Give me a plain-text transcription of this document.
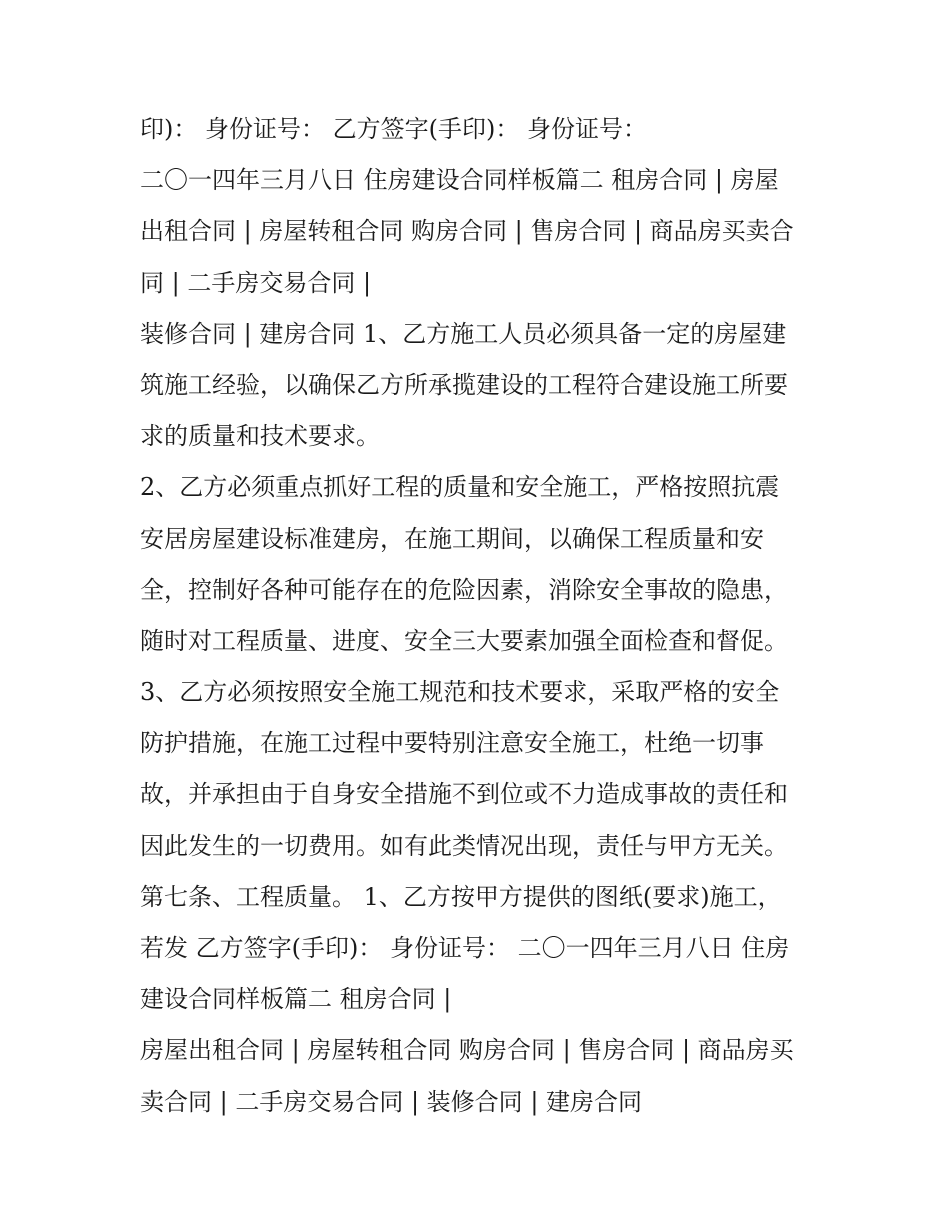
印)： 身份证号： 乙方签字(手印)： 身份证号：
二〇一四年三月八日 住房建设合同样板篇二 租房合同 | 房屋
出租合同 | 房屋转租合同 购房合同 | 售房合同 | 商品房买卖合
同 | 二手房交易合同 |
装修合同 | 建房合同 1、乙方施工人员必须具备一定的房屋建
筑施工经验，以确保乙方所承揽建设的工程符合建设施工所要
求的质量和技术要求。
2、乙方必须重点抓好工程的质量和安全施工，严格按照抗震
安居房屋建设标准建房，在施工期间，以确保工程质量和安
全，控制好各种可能存在的危险因素，消除安全事故的隐患，
随时对工程质量、进度、安全三大要素加强全面检查和督促。
3、乙方必须按照安全施工规范和技术要求，采取严格的安全
防护措施，在施工过程中要特别注意安全施工，杜绝一切事
故，并承担由于自身安全措施不到位或不力造成事故的责任和
因此发生的一切费用。如有此类情况出现，责任与甲方无关。
第七条、工程质量。 1、乙方按甲方提供的图纸(要求)施工，
若发 乙方签字(手印)： 身份证号： 二〇一四年三月八日 住房
建设合同样板篇二 租房合同 |
房屋出租合同 | 房屋转租合同 购房合同 | 售房合同 | 商品房买
卖合同 | 二手房交易合同 | 装修合同 | 建房合同
